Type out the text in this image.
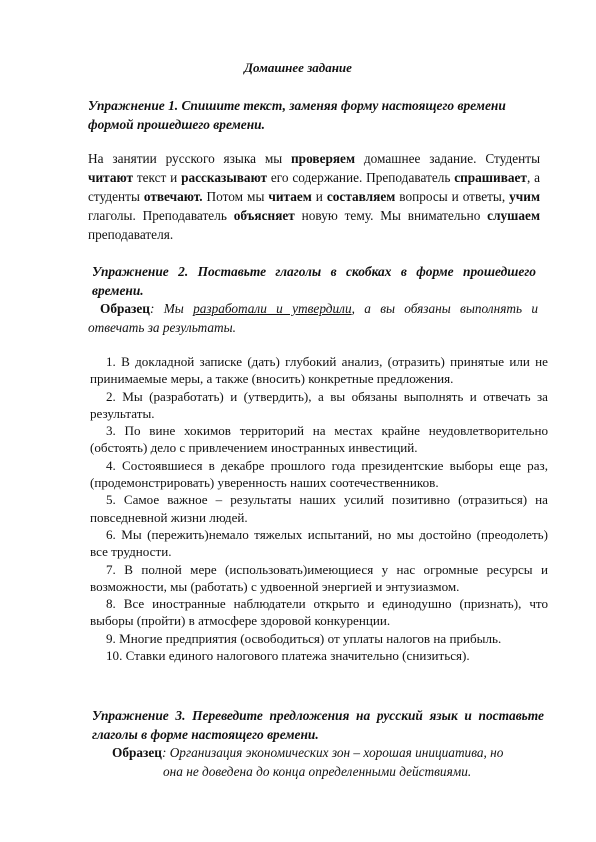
Домашнее задание
Упражнение 1. Спишите текст, заменяя форму настоящего времени формой прошедшего времени.
На занятии русского языка мы проверяем домашнее задание. Студенты читают текст и рассказывают его содержание. Преподаватель спрашивает, а студенты отвечают. Потом мы читаем и составляем вопросы и ответы, учим глаголы. Преподаватель объясняет новую тему. Мы внимательно слушаем преподавателя.
Упражнение 2. Поставьте глаголы в скобках в форме прошедшего времени.
Образец: Мы разработали и утвердили, а вы обязаны выполнять и отвечать за результаты.
1. В докладной записке (дать) глубокий анализ, (отразить) принятые или не принимаемые меры, а также (вносить) конкретные предложения.
2. Мы (разработать) и (утвердить), а вы обязаны выполнять и отвечать за результаты.
3. По вине хокимов территорий на местах крайне неудовлетворительно (обстоять) дело с привлечением иностранных инвестиций.
4. Состоявшиеся в декабре прошлого года президентские выборы еще раз, (продемонстрировать) уверенность наших соотечественников.
5. Самое важное – результаты наших усилий позитивно (отразиться) на повседневной жизни людей.
6. Мы (пережить)немало тяжелых испытаний, но мы достойно (преодолеть) все трудности.
7. В полной мере (использовать)имеющиеся у нас огромные ресурсы и возможности, мы (работать) с удвоенной энергией и энтузиазмом.
8. Все иностранные наблюдатели открыто и единодушно (признать), что выборы (пройти) в атмосфере здоровой конкуренции.
9. Многие предприятия (освободиться) от уплаты налогов на прибыль.
10. Ставки единого налогового платежа значительно (снизиться).
Упражнение 3. Переведите предложения на русский язык и поставьте глаголы в форме настоящего времени.
Образец: Организация экономических зон – хорошая инициатива, но
она не доведена до конца определенными действиями.
